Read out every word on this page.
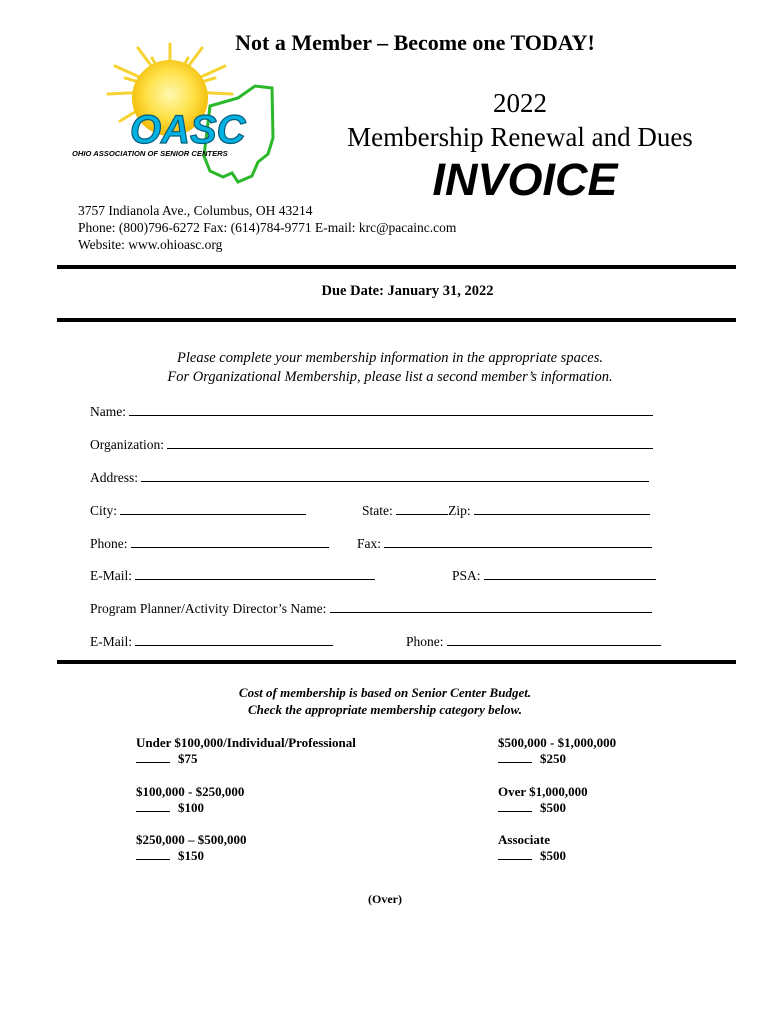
OASC
OHIO ASSOCIATION OF SENIOR CENTERS
Not a Member – Become one TODAY!
2022
Membership Renewal and Dues
INVOICE
3757 Indianola Ave., Columbus, OH 43214
Phone: (800)796-6272 Fax: (614)784-9771 E-mail: krc@pacainc.com
Website: www.ohioasc.org
Due Date: January 31, 2022
Please complete your membership information in the appropriate spaces.
For Organizational Membership, please list a second member’s information.
Name:
Organization:
Address:
City:	State:	Zip:
Phone:	Fax:
E-Mail:	PSA:
Program Planner/Activity Director’s Name:
E-Mail:	Phone:
Cost of membership is based on Senior Center Budget.
Check the appropriate membership category below.
Under $100,000/Individual/Professional
$75
$500,000 - $1,000,000
$250
$100,000 - $250,000
$100
Over $1,000,000
$500
$250,000 – $500,000
$150
Associate
$500
(Over)
